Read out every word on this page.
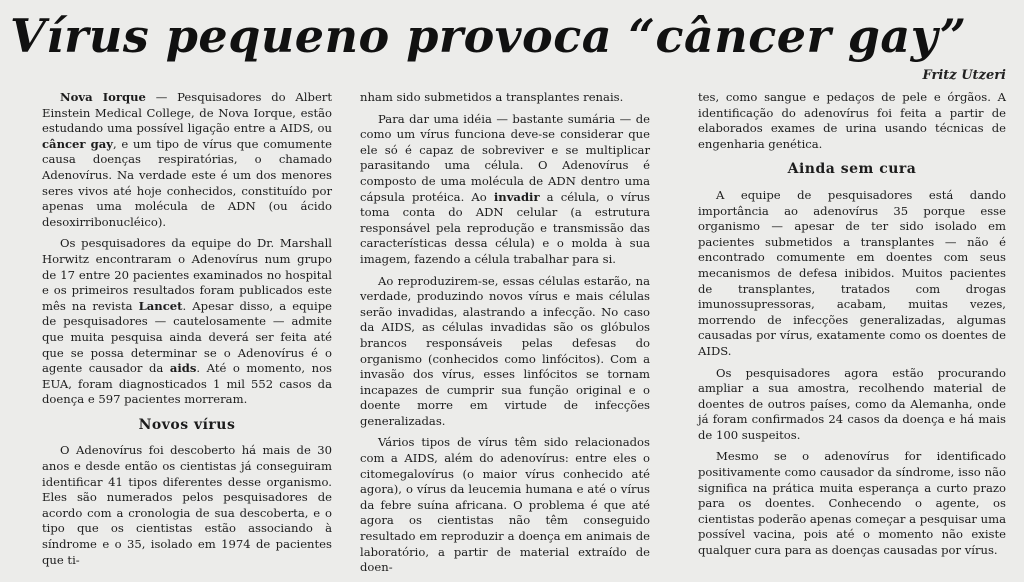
Vírus pequeno provoca “câncer gay”
Fritz Utzeri

Nova Iorque — Pesquisadores do Albert Einstein Medical College, de Nova Iorque, estão estudando uma possível ligação entre a AIDS, ou câncer gay, e um tipo de vírus que comumente causa doenças respiratórias, o chamado Adenovírus. Na verdade este é um dos menores seres vivos até hoje conhecidos, constituído por apenas uma molécula de ADN (ou ácido desoxirribonucléico).

Os pesquisadores da equipe do Dr. Marshall Horwitz encontraram o Adenovírus num grupo de 17 entre 20 pacientes examinados no hospital e os primeiros resultados foram publicados este mês na revista Lancet. Apesar disso, a equipe de pesquisadores — cautelosamente — admite que muita pesquisa ainda deverá ser feita até que se possa determinar se o Adenovírus é o agente causador da aids. Até o momento, nos EUA, foram diagnosticados 1 mil 552 casos da doença e 597 pacientes morreram.

Novos vírus

O Adenovírus foi descoberto há mais de 30 anos e desde então os cientistas já conseguiram identificar 41 tipos diferentes desse organismo. Eles são numerados pelos pesquisadores de acordo com a cronologia de sua descoberta, e o tipo que os cientistas estão associando à síndrome e o 35, isolado em 1974 de pacientes que ti-

nham sido submetidos a transplantes renais.

Para dar uma idéia — bastante sumária — de como um vírus funciona deve-se considerar que ele só é capaz de sobreviver e se multiplicar parasitando uma célula. O Adenovírus é composto de uma molécula de ADN dentro uma cápsula protéica. Ao invadir a célula, o vírus toma conta do ADN celular (a estrutura responsável pela reprodução e transmissão das características dessa célula) e o molda à sua imagem, fazendo a célula trabalhar para si.

Ao reproduzirem-se, essas células estarão, na verdade, produzindo novos vírus e mais células serão invadidas, alastrando a infecção. No caso da AIDS, as células invadidas são os glóbulos brancos responsáveis pelas defesas do organismo (conhecidos como linfócitos). Com a invasão dos vírus, esses linfócitos se tornam incapazes de cumprir sua função original e o doente morre em virtude de infecções generalizadas.

Vários tipos de vírus têm sido relacionados com a AIDS, além do adenovírus: entre eles o citomegalovírus (o maior vírus conhecido até agora), o vírus da leucemia humana e até o vírus da febre suína africana. O problema é que até agora os cientistas não têm conseguido resultado em reproduzir a doença em animais de laboratório, a partir de material extraído de doen-

tes, como sangue e pedaços de pele e órgãos. A identificação do adenovírus foi feita a partir de elaborados exames de urina usando técnicas de engenharia genética.

Ainda sem cura

A equipe de pesquisadores está dando importância ao adenovírus 35 porque esse organismo — apesar de ter sido isolado em pacientes submetidos a transplantes — não é encontrado comumente em doentes com seus mecanismos de defesa inibidos. Muitos pacientes de transplantes, tratados com drogas imunossupressoras, acabam, muitas vezes, morrendo de infecções generalizadas, algumas causadas por vírus, exatamente como os doentes de AIDS.

Os pesquisadores agora estão procurando ampliar a sua amostra, recolhendo material de doentes de outros países, como da Alemanha, onde já foram confirmados 24 casos da doença e há mais de 100 suspeitos.

Mesmo se o adenovírus for identificado positivamente como causador da síndrome, isso não significa na prática muita esperança a curto prazo para os doentes. Conhecendo o agente, os cientistas poderão apenas começar a pesquisar uma possível vacina, pois até o momento não existe qualquer cura para as doenças causadas por vírus.
